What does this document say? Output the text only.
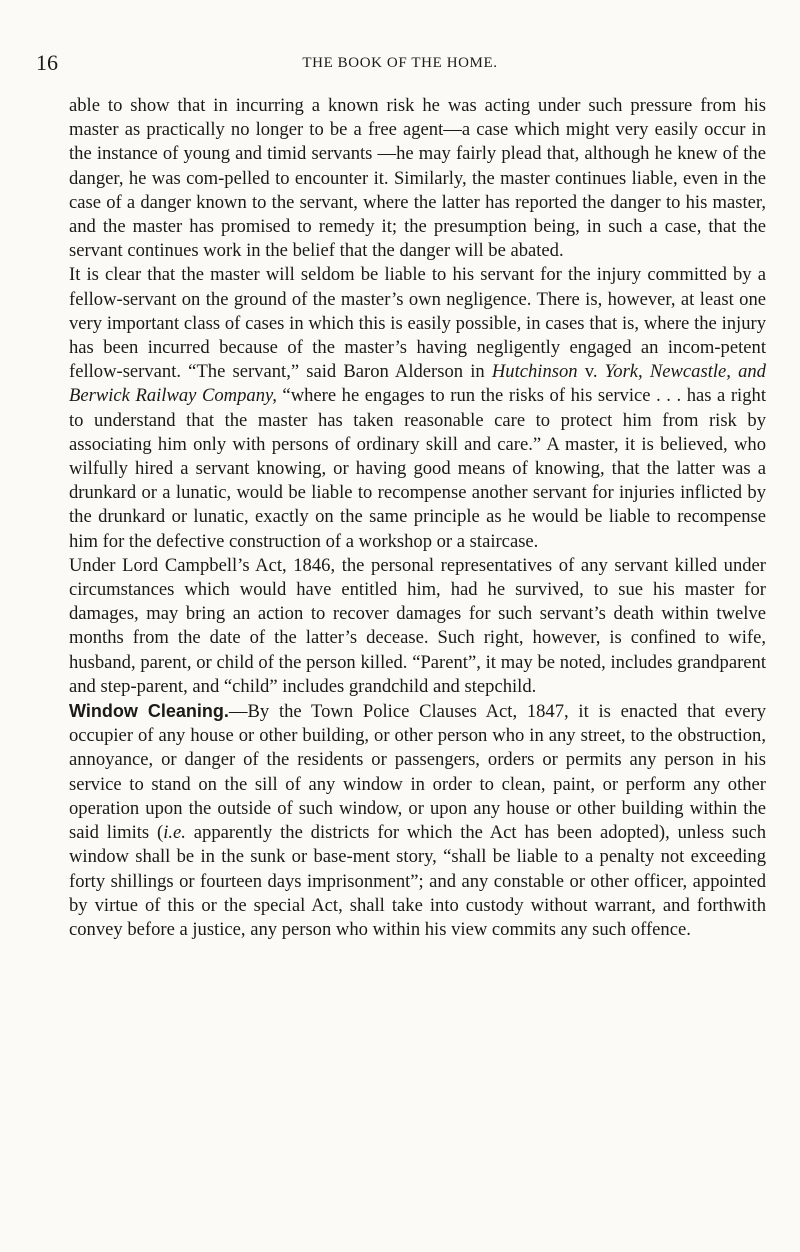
16	THE BOOK OF THE HOME.

able to show that in incurring a known risk he was acting under such pressure from his master as practically no longer to be a free agent—a case which might very easily occur in the instance of young and timid servants —he may fairly plead that, although he knew of the danger, he was com-pelled to encounter it. Similarly, the master continues liable, even in the case of a danger known to the servant, where the latter has reported the danger to his master, and the master has promised to remedy it; the presumption being, in such a case, that the servant continues work in the belief that the danger will be abated.

It is clear that the master will seldom be liable to his servant for the injury committed by a fellow-servant on the ground of the master’s own negligence. There is, however, at least one very important class of cases in which this is easily possible, in cases that is, where the injury has been incurred because of the master’s having negligently engaged an incom-petent fellow-servant. “The servant,” said Baron Alderson in Hutchinson v. York, Newcastle, and Berwick Railway Company, “where he engages to run the risks of his service . . . has a right to understand that the master has taken reasonable care to protect him from risk by associating him only with persons of ordinary skill and care.” A master, it is believed, who wilfully hired a servant knowing, or having good means of knowing, that the latter was a drunkard or a lunatic, would be liable to recompense another servant for injuries inflicted by the drunkard or lunatic, exactly on the same principle as he would be liable to recompense him for the defective construction of a workshop or a staircase.

Under Lord Campbell’s Act, 1846, the personal representatives of any servant killed under circumstances which would have entitled him, had he survived, to sue his master for damages, may bring an action to recover damages for such servant’s death within twelve months from the date of the latter’s decease. Such right, however, is confined to wife, husband, parent, or child of the person killed. “Parent”, it may be noted, includes grandparent and step-parent, and “child” includes grandchild and stepchild.

Window Cleaning.—By the Town Police Clauses Act, 1847, it is enacted that every occupier of any house or other building, or other person who in any street, to the obstruction, annoyance, or danger of the residents or passengers, orders or permits any person in his service to stand on the sill of any window in order to clean, paint, or perform any other operation upon the outside of such window, or upon any house or other building within the said limits (i.e. apparently the districts for which the Act has been adopted), unless such window shall be in the sunk or base-ment story, “shall be liable to a penalty not exceeding forty shillings or fourteen days imprisonment”; and any constable or other officer, appointed by virtue of this or the special Act, shall take into custody without warrant, and forthwith convey before a justice, any person who within his view commits any such offence.
